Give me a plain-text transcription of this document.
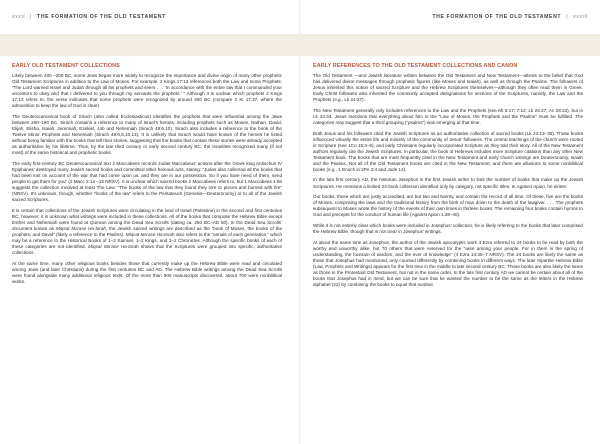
xxxii | THE FORMATION OF THE OLD TESTAMENT
EARLY OLD TESTAMENT COLLECTIONS

Likely between 400 –200 BC, some Jews began more widely to recognize the importance and divine origin of many other prophetic Old Testament Scriptures in addition to the Law of Moses. For example, 2 Kings 17:13 references both the Law and some Prophets: “The Lord warned Israel and Judah through all his prophets and seers . . . ‘In accordance with the entire law that I commanded your ancestors to obey and that I delivered to you through my servants the prophets.’ ” Although it is unclear which prophets 2 Kings 17:13 refers to, the verse indicates that some prophets were recognized by around 400 BC (compare 2 Ki 17:37, where the admonition to keep the law of God is clear).

The Deuterocanonical book of Sirach (also called Ecclesiasticus) identifies the prophets that were influential among the Jews between 200–180 BC. Sirach contains a reference to many of Israel’s heroes, including prophets such as Moses, Nathan, David, Elijah, Elisha, Isaiah, Jeremiah, Ezekiel, Job and Nehemiah (Sirach 49:6,10). Sirach also includes a reference to the book of the Twelve Minor Prophets and Nehemiah (Sirach 49:6,8,10,13). It is unlikely that Sirach would have known of the heroes he listed without being familiar with the books that tell their stories, suggesting that the books that contain these stories were already accepted as authoritative by his lifetime. Thus, by the late third century or early second century BC, the Israelites recognized many (if not most) of the same historical and prophetic books.

The early first-century BC Deuterocanonical text 2 Maccabees records Judas Maccabeus’ actions after the Greek king Antiochus IV Epiphanes’ destroyed many Jewish sacred books and committed other heinous acts, stating: “Judas also collected all the books that had been lost on account of the war that had come upon us, and they are in our possession. So if you have need of them, send people to get them for you” (2 Macc 2:14 –15 NRSV). It is unclear which sacred books 2 Maccabees refers to, but 1 Maccabees 1:56 suggests the collection involved at least The Law: “The books of the law that they found they tore to pieces and burned with fire” (NRSV). It’s unknown, though, whether “books of the law” refers to the Pentateuch (Genesis—Deuteronomy) or to all of the Jewish sacred Scriptures.

It is certain that collections of the Jewish Scriptures were circulating in the land of Israel (Palestine) in the second and first centuries BC; however, it is unknown what writings were included in these collections. All of the books that compose the Hebrew Bible except Esther and Nehemiah were found at Qumran among the Dead Sea Scrolls (dating ca. 250 BC–AD 50). In the Dead Sea Scrolls’ document known as Miqsat Ma’ase Ha-torah, the Jewish sacred writings are described as the “book of Moses, the books of the prophets, and David” (likely a reference to the Psalms). Miqsat Ma’ase Ha-torah also refers to the “annals of each generation,” which may be a reference to the Historical Books of 1–2 Samuel, 1–2 Kings, and 1–2 Chronicles. Although the specific books of each of these categories are not identified, Miqsat Ma’ase Ha-torah shows that the Scriptures were grouped into specific, authoritative collections.

At the same time, many other religious books besides those that currently make up the Hebrew Bible were read and circulated among Jews (and later Christians) during the first centuries BC and AD. The Hebrew Bible writings among the Dead Sea Scrolls were found alongside many additional religious texts: Of the more than 900 manuscripts discovered, about 700 were nonbiblical works.

THE FORMATION OF THE OLD TESTAMENT | xxxiii
EARLY REFERENCES TO THE OLD TESTAMENT COLLECTIONS AND CANON

The Old Testament —and Jewish literature written between the Old Testament and New Testament—attests to the belief that God has delivered divine messages through prophetic figures (like Moses and Isaiah), as well as through the Psalms. The followers of Jesus inherited this notion of sacred Scripture and the Hebrew Scriptures themselves—although they often read them in Greek. Early Christ followers also inherited the commonly accepted designations for sections of the Scriptures, namely, the Law and the Prophets (e.g., Lk 24:27).

The New Testament generally only includes references to the Law and the Prophets (see Mt 5:17; 7:12; Lk 24:27; Ac 28:23), but in Lk 24:44, Jesus mentions that everything about him in the “Law of Moses, the Prophets and the Psalms” must be fulfilled. The categories may suggest that a third grouping (“psalms”) was emerging at that time.

Both Jesus and his followers cited the Jewish Scriptures as an authoritative collection of sacred books (Lk 24:13–35). Those books influenced virtually the entire life and ministry of the community of Jesus’ followers. The central teachings of the church were rooted in Scripture (see 1Co 15:3–8), and early Christians regularly incorporated Scripture as they told their story. All of the New Testament authors regularly cite the Jewish Scriptures; in particular, the book of Hebrews includes more Scripture citations than any other New Testament book. The books that are most frequently cited in the New Testament and early church writings are Deuteronomy, Isaiah and the Psalms. Not all of the Old Testament books are cited in the New Testament, and there are allusions to some nonbiblical books (e.g., 1 Enoch in 2Pe 2:4 and Jude 14).

In the late first century AD, the historian Josephus is the first Jewish writer to limit the number of books that make up the Jewish Scriptures. He mentions a limited 22-book collection identified only by category, not specific titles. In Against Apion, he writes:

Our books, those which are justly accredited, are but two and twenty, and contain the record of all time. Of these, five are the books of Moses, comprising the laws and the traditional history from the birth of man down to the death of the lawgiver. . . . The prophets subsequent to Moses wrote the history of the events of their own times in thirteen books. The remaining four books contain hymns to God and precepts for the conduct of human life (Against Apion 1.38–40).

While it is not entirely clear which books were included in Josephus’ collection, he is likely referring to the books that later comprised the Hebrew Bible, though that is not clear in Josephus’ writings.

At about the same time as Josephus, the author of the Jewish apocalyptic work 4 Ezra referred to 24 books to be read by both the worthy and unworthy alike, but 70 others that were reserved for the “wise among your people. For in them is the spring of understanding, the fountain of wisdom, and the river of knowledge” (4 Ezra 14:45–7 NRSV). The 24 books are likely the same as those that Josephus had mentioned, only counted differently by combining books in different ways. The later tripartite Hebrew Bible (Law, Prophets and Writings) appears for the first time in the middle to late second century BC. Those books are also likely the same as those in the Protestant Old Testament, but not in the same order. In the late first century AD we cannot be certain about all of the books that Josephus had in mind, but we can be sure that he wanted the number to be the same as the letters in the Hebrew alphabet (22) by combining the books to equal that number.
